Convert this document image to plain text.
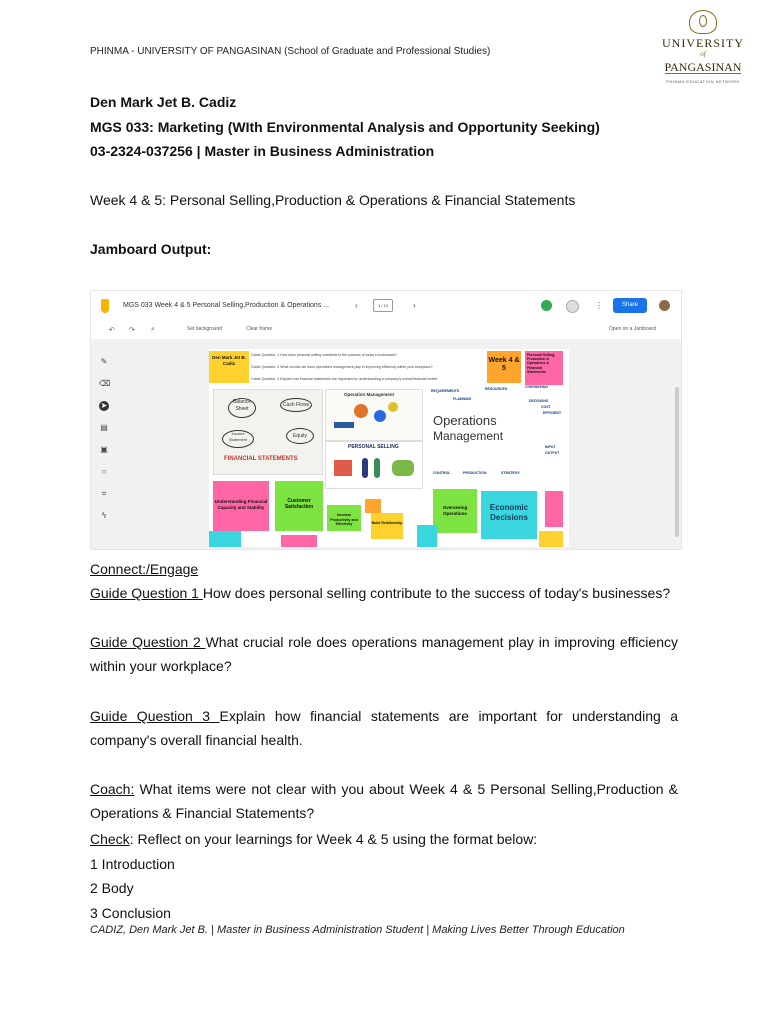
PHINMA - UNIVERSITY OF PANGASINAN (School of Graduate and Professional Studies)
UNIVERSITY
of
PANGASINAN
PHINMA EDUCATION NETWORK
Den Mark Jet B. Cadiz
MGS 033: Marketing (WIth Environmental Analysis and Opportunity Seeking)
03-2324-037256 | Master in Business Administration
Week 4 & 5: Personal Selling,Production & Operations & Financial Statements
Jamboard Output:
MGS 033 Week 4 & 5 Personal Selling,Production & Operations ...	‹	1 / 10	›	⋮	Share
↶ ↷ ⌕	Set background	Clear frame	Open on a Jamboard
✎
⌫
➤
▤
▣
○
⌗
ϟ
Den Mark Jet B. Cadiz
Guide Question: 1 How does personal selling contribute to the success of today's businesses?
Guide Question: 2 What crucial role does operations management play in improving efficiency within your workplace?
Guide Question: 3 Explain how financial statements are important for understanding a company's overall financial health.
Week 4 & 5
Personal Selling, Production & Operations & Financial Statements
Balance Sheet
Cash Flows
Income Statement
Equity
FINANCIAL STATEMENTS
Operation Management
PERSONAL SELLING
REQUIREMENTS
PLANNING
RESOURCES	OVERSEEING
DECISIONS
COST
EFFICIENT
Operations
Management
INPUT
OUTPUT
CONTROL	PRODUCTION	STRATEGY
Understanding Financial Capacity and Stability
Customer Satisfaction
Increase Productivity and Effectivity	Build Relationship
Overseeing Operations
Economic Decisions
Connect:/Engage
Guide Question 1 How does personal selling contribute to the success of today's businesses?
Guide Question 2 What crucial role does operations management play in improving efficiency within your workplace?
Guide Question 3 Explain how financial statements are important for understanding a company's overall financial health.
Coach: What items were not clear with you about Week 4 & 5 Personal Selling,Production & Operations & Financial Statements?
Check: Reflect on your learnings for Week 4 & 5 using the format below:
1 Introduction
2 Body
3 Conclusion
CADIZ, Den Mark Jet B. | Master in Business Administration Student | Making Lives Better Through Education
